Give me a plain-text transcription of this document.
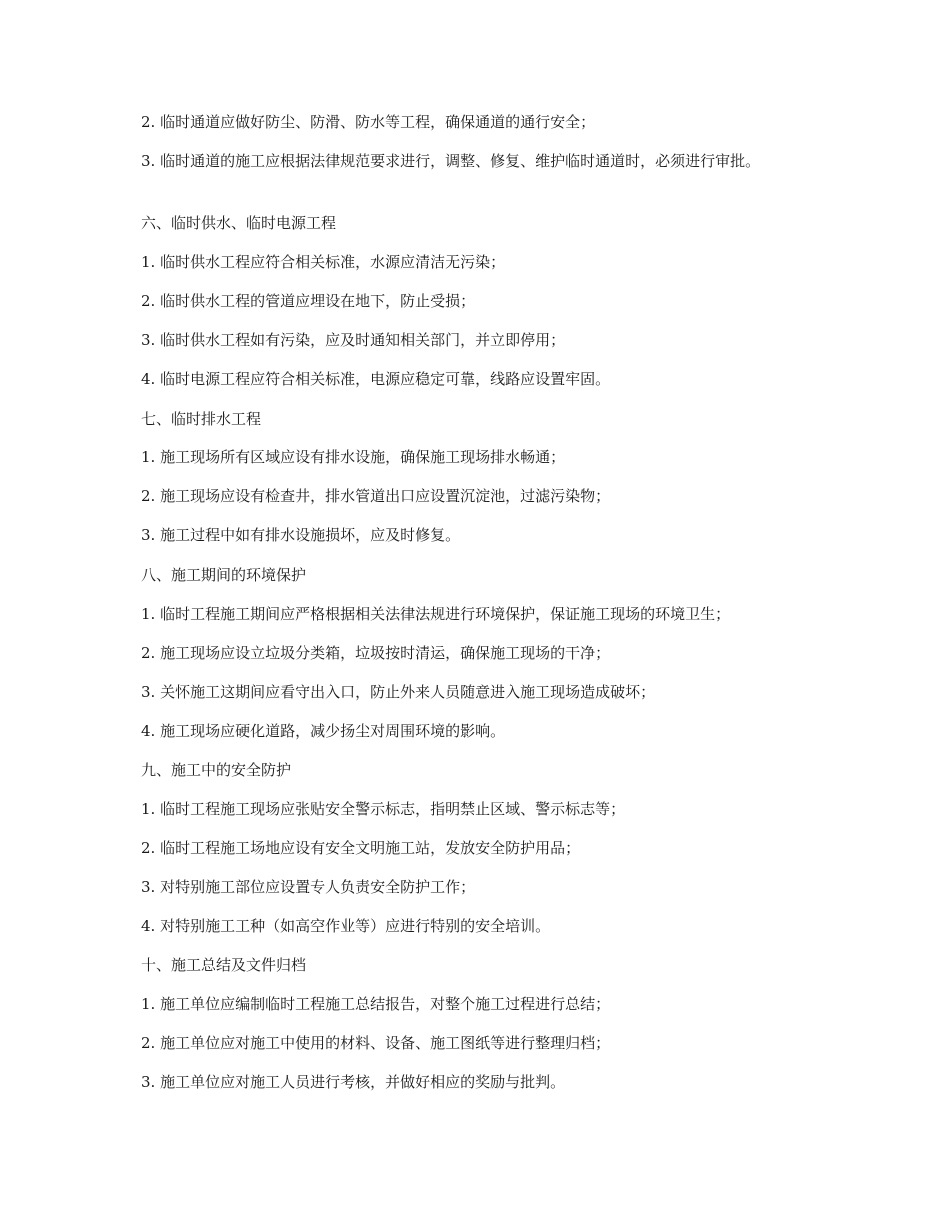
2. 临时通道应做好防尘、防滑、防水等工程，确保通道的通行安全；

3. 临时通道的施工应根据法律规范要求进行，调整、修复、维护临时通道时，必须进行审批。

六、临时供水、临时电源工程

1. 临时供水工程应符合相关标准，水源应清洁无污染；

2. 临时供水工程的管道应埋设在地下，防止受损；

3. 临时供水工程如有污染，应及时通知相关部门，并立即停用；

4. 临时电源工程应符合相关标准，电源应稳定可靠，线路应设置牢固。

七、临时排水工程

1. 施工现场所有区域应设有排水设施，确保施工现场排水畅通；

2. 施工现场应设有检查井，排水管道出口应设置沉淀池，过滤污染物；

3. 施工过程中如有排水设施损坏，应及时修复。

八、施工期间的环境保护

1. 临时工程施工期间应严格根据相关法律法规进行环境保护，保证施工现场的环境卫生；

2. 施工现场应设立垃圾分类箱，垃圾按时清运，确保施工现场的干净；

3. 关怀施工这期间应看守出入口，防止外来人员随意进入施工现场造成破坏；

4. 施工现场应硬化道路，减少扬尘对周围环境的影响。

九、施工中的安全防护

1. 临时工程施工现场应张贴安全警示标志，指明禁止区域、警示标志等；

2. 临时工程施工场地应设有安全文明施工站，发放安全防护用品；

3. 对特别施工部位应设置专人负责安全防护工作；

4. 对特别施工工种（如高空作业等）应进行特别的安全培训。

十、施工总结及文件归档

1. 施工单位应编制临时工程施工总结报告，对整个施工过程进行总结；

2. 施工单位应对施工中使用的材料、设备、施工图纸等进行整理归档；

3. 施工单位应对施工人员进行考核，并做好相应的奖励与批判。
